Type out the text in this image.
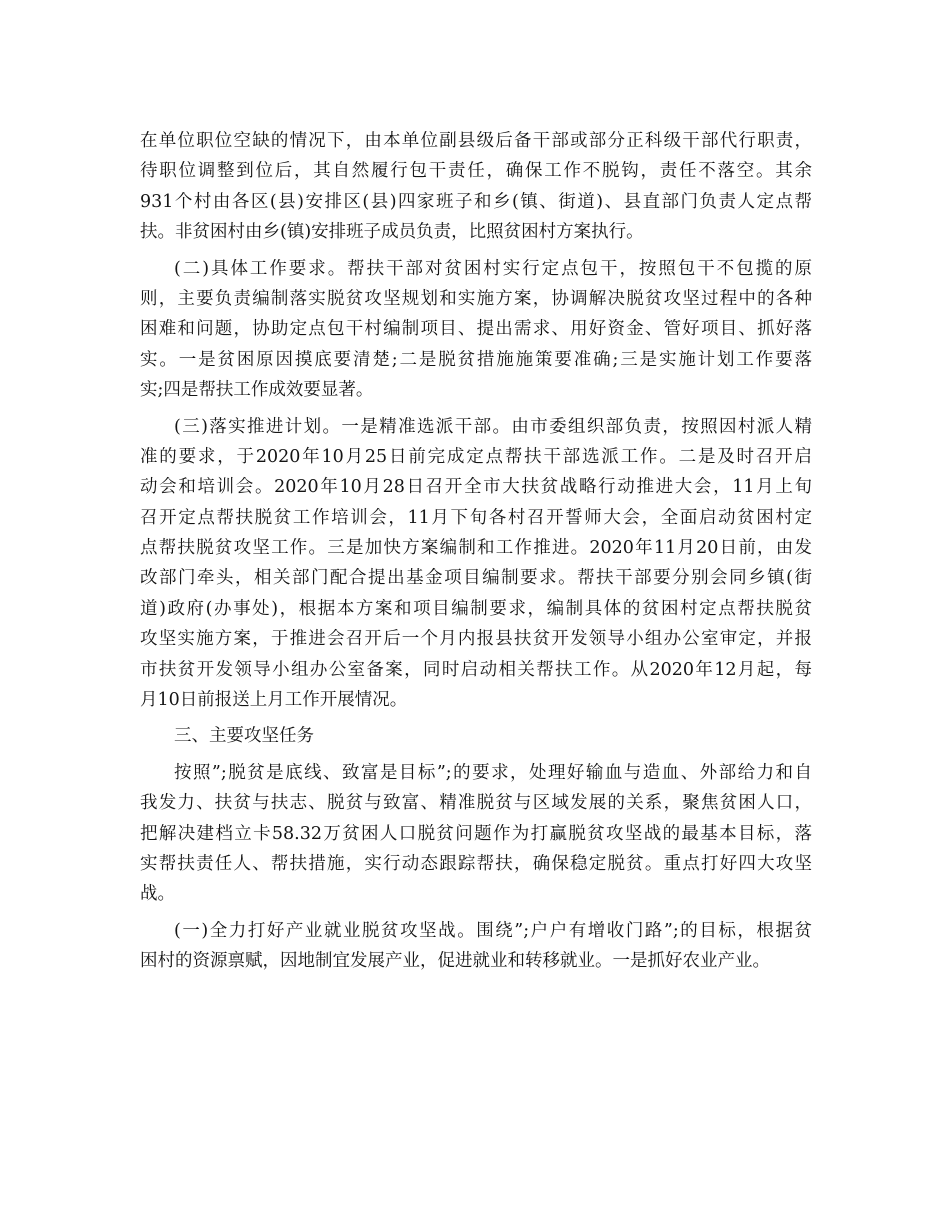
在单位职位空缺的情况下，由本单位副县级后备干部或部分正科级干部代行职责，
待职位调整到位后，其自然履行包干责任，确保工作不脱钩，责任不落空。其余
931个村由各区(县)安排区(县)四家班子和乡(镇、街道)、县直部门负责人定点帮
扶。非贫困村由乡(镇)安排班子成员负责，比照贫困村方案执行。
(二)具体工作要求。帮扶干部对贫困村实行定点包干，按照包干不包揽的原
则，主要负责编制落实脱贫攻坚规划和实施方案，协调解决脱贫攻坚过程中的各种
困难和问题，协助定点包干村编制项目、提出需求、用好资金、管好项目、抓好落
实。一是贫困原因摸底要清楚;二是脱贫措施施策要准确;三是实施计划工作要落
实;四是帮扶工作成效要显著。
(三)落实推进计划。一是精准选派干部。由市委组织部负责，按照因村派人精
准的要求，于2020年10月25日前完成定点帮扶干部选派工作。二是及时召开启
动会和培训会。2020年10月28日召开全市大扶贫战略行动推进大会，11月上旬
召开定点帮扶脱贫工作培训会，11月下旬各村召开誓师大会，全面启动贫困村定
点帮扶脱贫攻坚工作。三是加快方案编制和工作推进。2020年11月20日前，由发
改部门牵头，相关部门配合提出基金项目编制要求。帮扶干部要分别会同乡镇(街
道)政府(办事处)，根据本方案和项目编制要求，编制具体的贫困村定点帮扶脱贫
攻坚实施方案，于推进会召开后一个月内报县扶贫开发领导小组办公室审定，并报
市扶贫开发领导小组办公室备案，同时启动相关帮扶工作。从2020年12月起，每
月10日前报送上月工作开展情况。
三、主要攻坚任务
按照”;脱贫是底线、致富是目标”;的要求，处理好输血与造血、外部给力和自
我发力、扶贫与扶志、脱贫与致富、精准脱贫与区域发展的关系，聚焦贫困人口，
把解决建档立卡58.32万贫困人口脱贫问题作为打赢脱贫攻坚战的最基本目标，落
实帮扶责任人、帮扶措施，实行动态跟踪帮扶，确保稳定脱贫。重点打好四大攻坚
战。
(一)全力打好产业就业脱贫攻坚战。围绕”;户户有增收门路”;的目标，根据贫
困村的资源禀赋，因地制宜发展产业，促进就业和转移就业。一是抓好农业产业。
